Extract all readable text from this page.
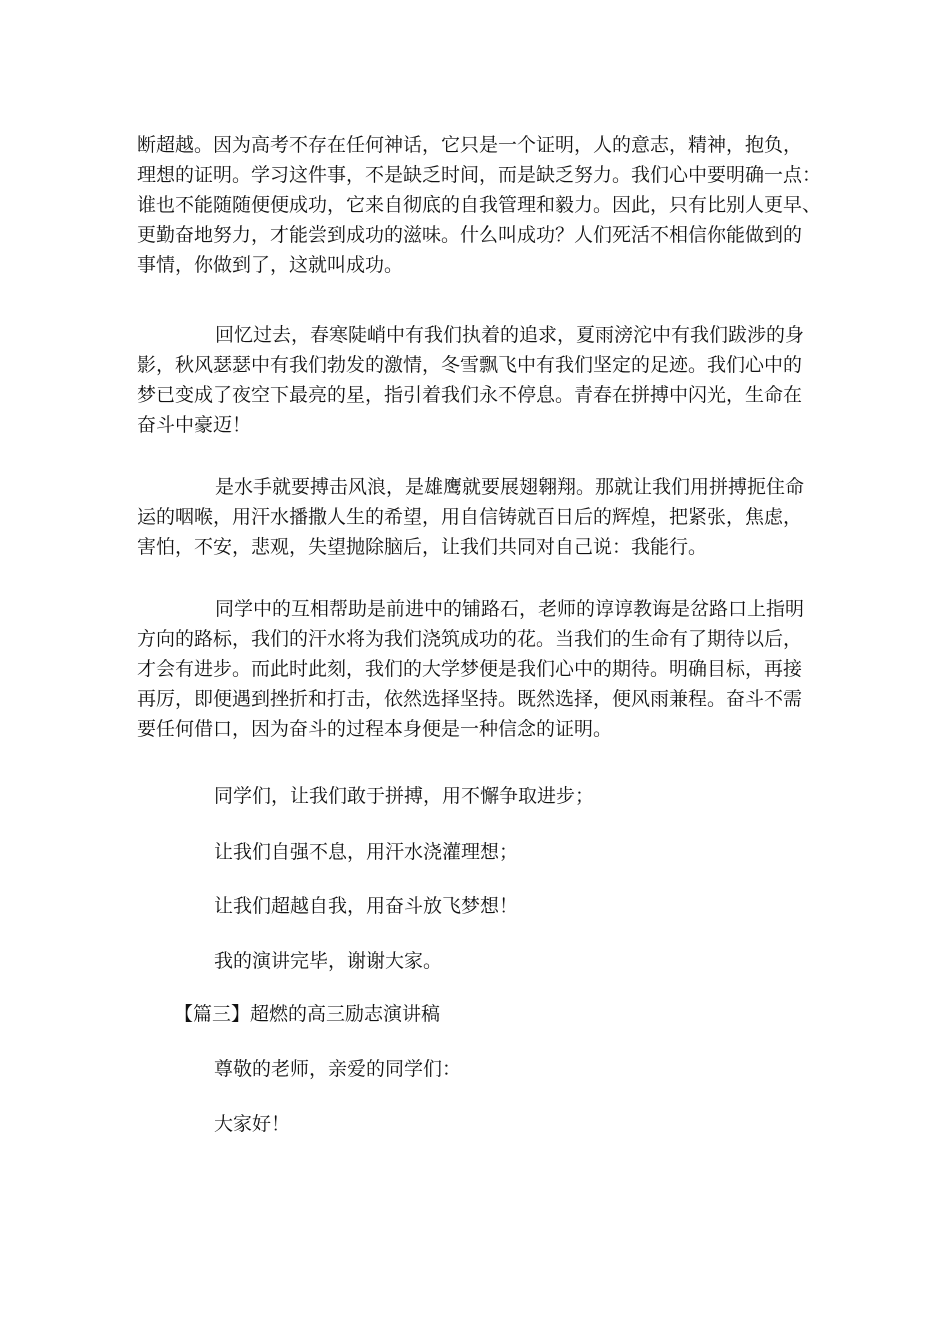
断超越。因为高考不存在任何神话，它只是一个证明，人的意志，精神，抱负，
理想的证明。学习这件事，不是缺乏时间，而是缺乏努力。我们心中要明确一点：
谁也不能随随便便成功，它来自彻底的自我管理和毅力。因此，只有比别人更早、
更勤奋地努力，才能尝到成功的滋味。什么叫成功？人们死活不相信你能做到的
事情，你做到了，这就叫成功。

回忆过去，春寒陡峭中有我们执着的追求，夏雨滂沱中有我们跋涉的身
影，秋风瑟瑟中有我们勃发的激情，冬雪飘飞中有我们坚定的足迹。我们心中的
梦已变成了夜空下最亮的星，指引着我们永不停息。青春在拼搏中闪光，生命在
奋斗中豪迈！

是水手就要搏击风浪，是雄鹰就要展翅翱翔。那就让我们用拼搏扼住命
运的咽喉，用汗水播撒人生的希望，用自信铸就百日后的辉煌，把紧张，焦虑，
害怕，不安，悲观，失望抛除脑后，让我们共同对自己说：我能行。

同学中的互相帮助是前进中的铺路石，老师的谆谆教诲是岔路口上指明
方向的路标，我们的汗水将为我们浇筑成功的花。当我们的生命有了期待以后，
才会有进步。而此时此刻，我们的大学梦便是我们心中的期待。明确目标，再接
再厉，即便遇到挫折和打击，依然选择坚持。既然选择，便风雨兼程。奋斗不需
要任何借口，因为奋斗的过程本身便是一种信念的证明。

同学们，让我们敢于拼搏，用不懈争取进步；

让我们自强不息，用汗水浇灌理想；

让我们超越自我，用奋斗放飞梦想！

我的演讲完毕，谢谢大家。

【篇三】超燃的高三励志演讲稿

尊敬的老师，亲爱的同学们：

大家好！
